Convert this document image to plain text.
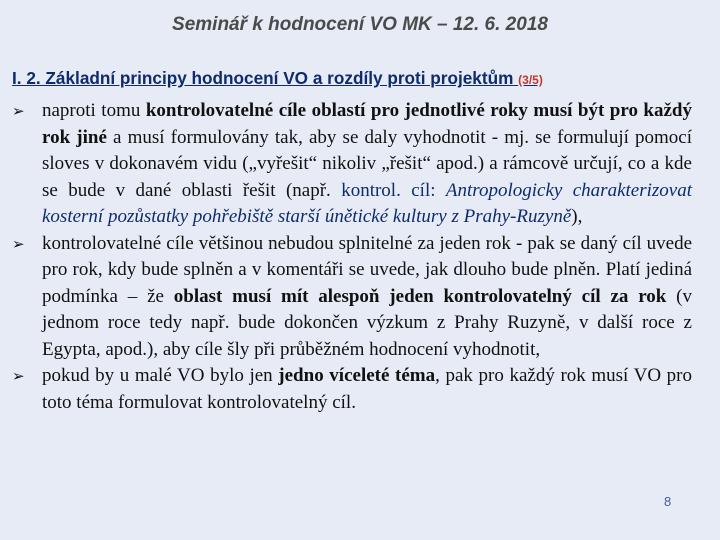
Seminář k hodnocení VO MK – 12. 6. 2018
I. 2. Základní principy hodnocení VO a rozdíly proti projektům (3/5)
➢ naproti tomu kontrolovatelné cíle oblastí pro jednotlivé roky musí být pro každý rok jiné a musí formulovány tak, aby se daly vyhodnotit - mj. se formulují pomocí sloves v dokonavém vidu („vyřešit“ nikoliv „řešit“ apod.) a rámcově určují, co a kde se bude v dané oblasti řešit (např. kontrol. cíl: Antropologicky charakterizovat kosterní pozůstatky pohřebiště starší únětické kultury z Prahy-Ruzyně),
➢ kontrolovatelné cíle většinou nebudou splnitelné za jeden rok - pak se daný cíl uvede pro rok, kdy bude splněn a v komentáři se uvede, jak dlouho bude plněn. Platí jediná podmínka – že oblast musí mít alespoň jeden kontrolovatelný cíl za rok (v jednom roce tedy např. bude dokončen výzkum z Prahy Ruzyně, v další roce z Egypta, apod.), aby cíle šly při průběžném hodnocení vyhodnotit,
➢ pokud by u malé VO bylo jen jedno víceleté téma, pak pro každý rok musí VO pro toto téma formulovat kontrolovatelný cíl.
8
